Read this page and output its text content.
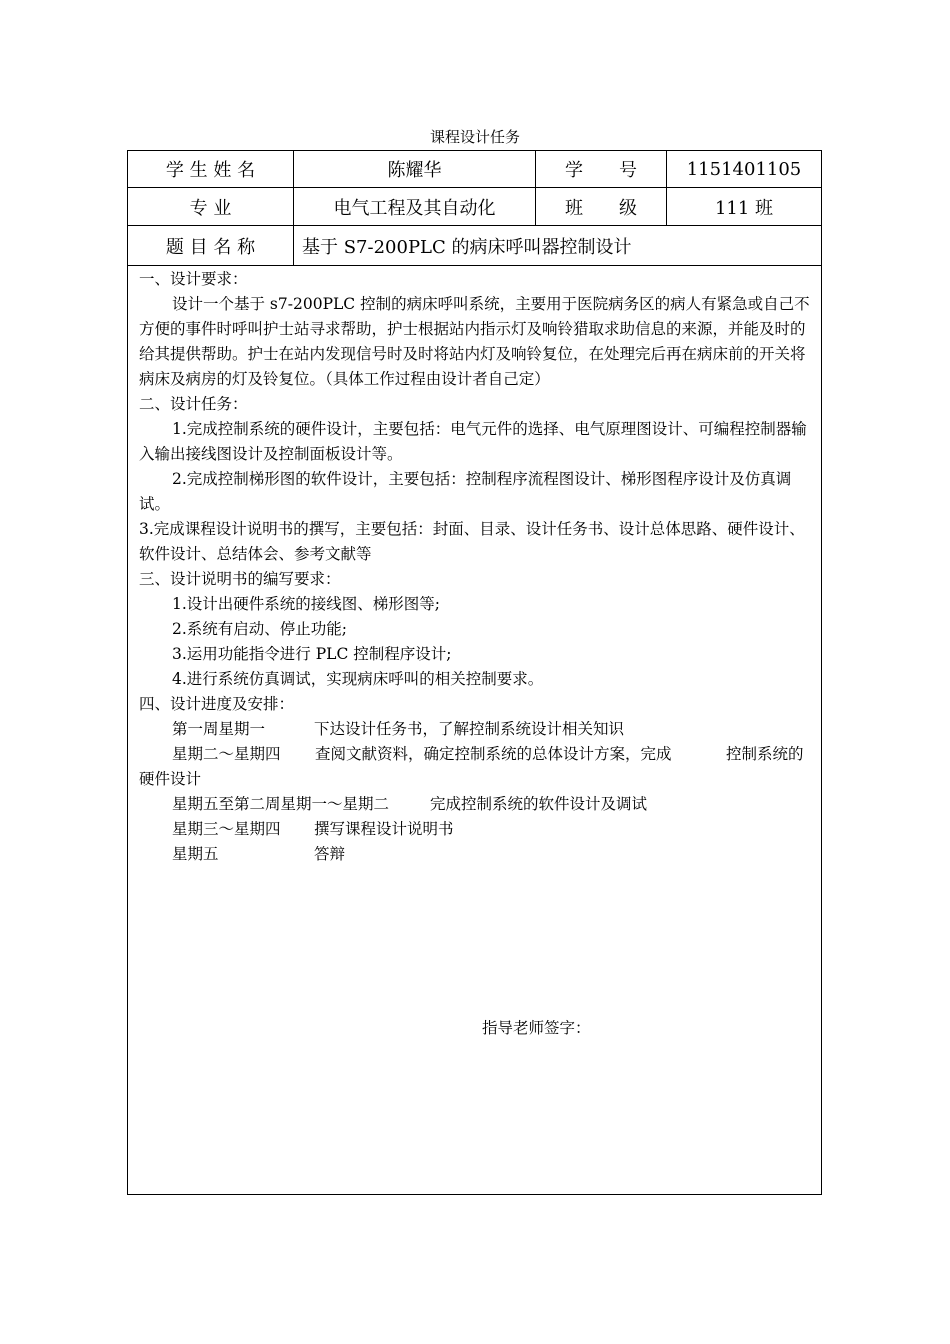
课程设计任务
学 生 姓 名	陈耀华	学　　号	1151401105
专 业	电气工程及其自动化	班　　级	111 班
题 目 名 称	基于 S7-200PLC 的病床呼叫器控制设计

一、设计要求：

设计一个基于 s7-200PLC 控制的病床呼叫系统，主要用于医院病务区的病人有紧急或自己不方便的事件时呼叫护士站寻求帮助，护士根据站内指示灯及响铃猎取求助信息的来源，并能及时的给其提供帮助。护士在站内发现信号时及时将站内灯及响铃复位，在处理完后再在病床前的开关将病床及病房的灯及铃复位。（具体工作过程由设计者自己定）

二、设计任务：

1.完成控制系统的硬件设计，主要包括：电气元件的选择、电气原理图设计、可编程控制器输入输出接线图设计及控制面板设计等。

2.完成控制梯形图的软件设计，主要包括：控制程序流程图设计、梯形图程序设计及仿真调试。

3.完成课程设计说明书的撰写，主要包括：封面、目录、设计任务书、设计总体思路、硬件设计、软件设计、总结体会、参考文献等

三、设计说明书的编写要求：

1.设计出硬件系统的接线图、梯形图等;

2.系统有启动、停止功能;

3.运用功能指令进行 PLC 控制程序设计;

4.进行系统仿真调试，实现病床呼叫的相关控制要求。

四、设计进度及安排：

第一周星期一	下达设计任务书，了解控制系统设计相关知识
星期二～星期四 查阅文献资料，确定控制系统的总体设计方案，完成	控制系统的

硬件设计

星期五至第二周星期一～星期二	完成控制系统的软件设计及调试
星期三～星期四 撰写课程设计说明书
星期五	答辩
指导老师签字：
